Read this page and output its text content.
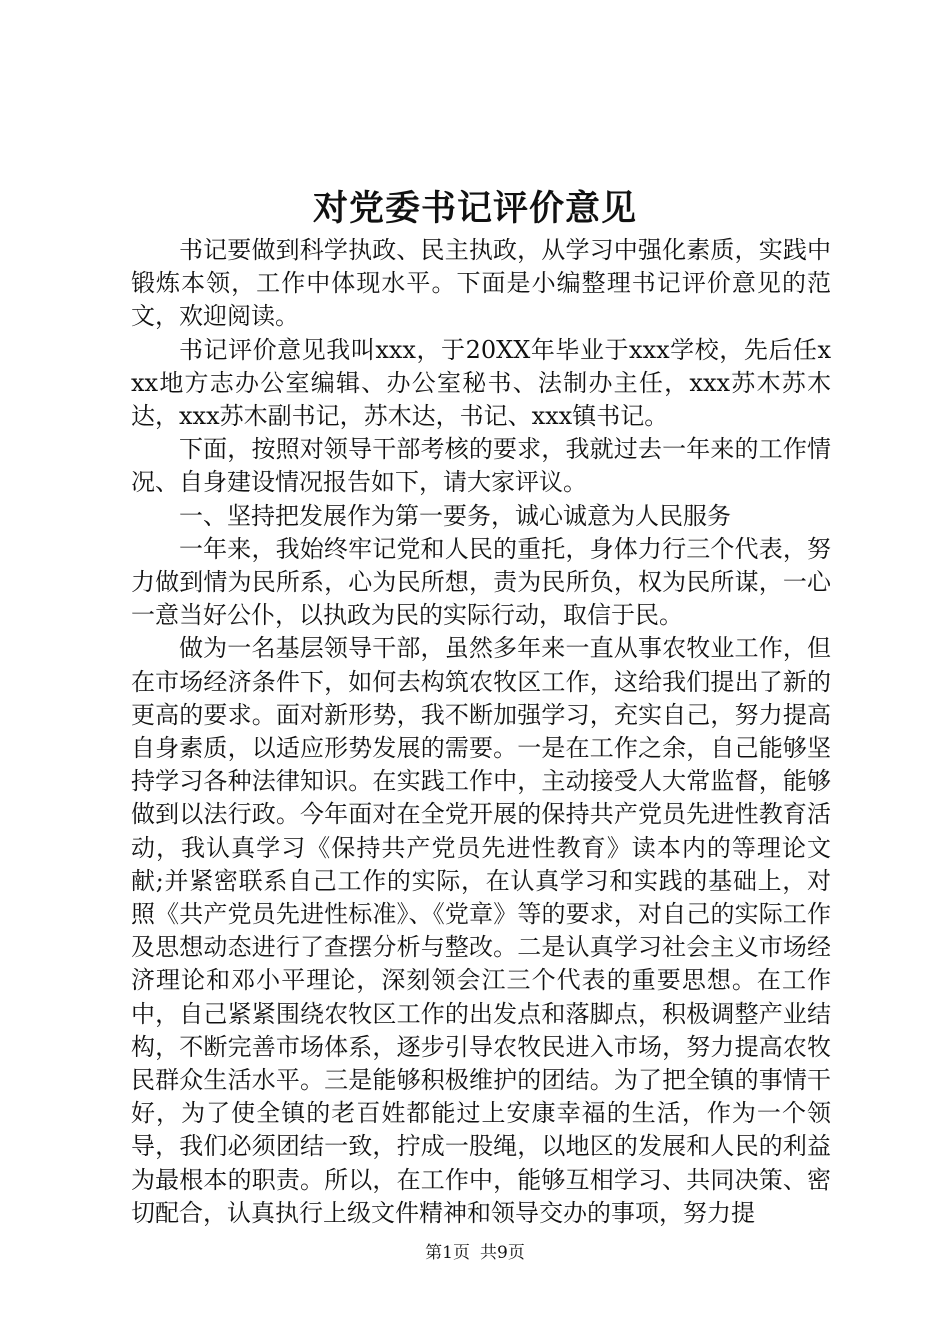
对党委书记评价意见

书记要做到科学执政、民主执政，从学习中强化素质，实践中锻炼本领，工作中体现水平。下面是小编整理书记评价意见的范文，欢迎阅读。

书记评价意见我叫xxx，于20XX年毕业于xxx学校，先后任xxx地方志办公室编辑、办公室秘书、法制办主任，xxx苏木苏木达，xxx苏木副书记，苏木达，书记、xxx镇书记。

下面，按照对领导干部考核的要求，我就过去一年来的工作情况、自身建设情况报告如下，请大家评议。

一、坚持把发展作为第一要务，诚心诚意为人民服务

一年来，我始终牢记党和人民的重托，身体力行三个代表，努力做到情为民所系，心为民所想，责为民所负，权为民所谋，一心一意当好公仆，以执政为民的实际行动，取信于民。

做为一名基层领导干部，虽然多年来一直从事农牧业工作，但在市场经济条件下，如何去构筑农牧区工作，这给我们提出了新的更高的要求。面对新形势，我不断加强学习，充实自己，努力提高自身素质，以适应形势发展的需要。一是在工作之余，自己能够坚持学习各种法律知识。在实践工作中，主动接受人大常监督，能够做到以法行政。今年面对在全党开展的保持共产党员先进性教育活动，我认真学习《保持共产党员先进性教育》读本内的等理论文献;并紧密联系自己工作的实际，在认真学习和实践的基础上，对照《共产党员先进性标准》、《党章》等的要求，对自己的实际工作及思想动态进行了查摆分析与整改。二是认真学习社会主义市场经济理论和邓小平理论，深刻领会江三个代表的重要思想。在工作中，自己紧紧围绕农牧区工作的出发点和落脚点，积极调整产业结构，不断完善市场体系，逐步引导农牧民进入市场，努力提高农牧民群众生活水平。三是能够积极维护的团结。为了把全镇的事情干好，为了使全镇的老百姓都能过上安康幸福的生活，作为一个领导，我们必须团结一致，拧成一股绳，以地区的发展和人民的利益为最根本的职责。所以，在工作中，能够互相学习、共同决策、密切配合，认真执行上级文件精神和领导交办的事项，努力提

第1页 共9页
